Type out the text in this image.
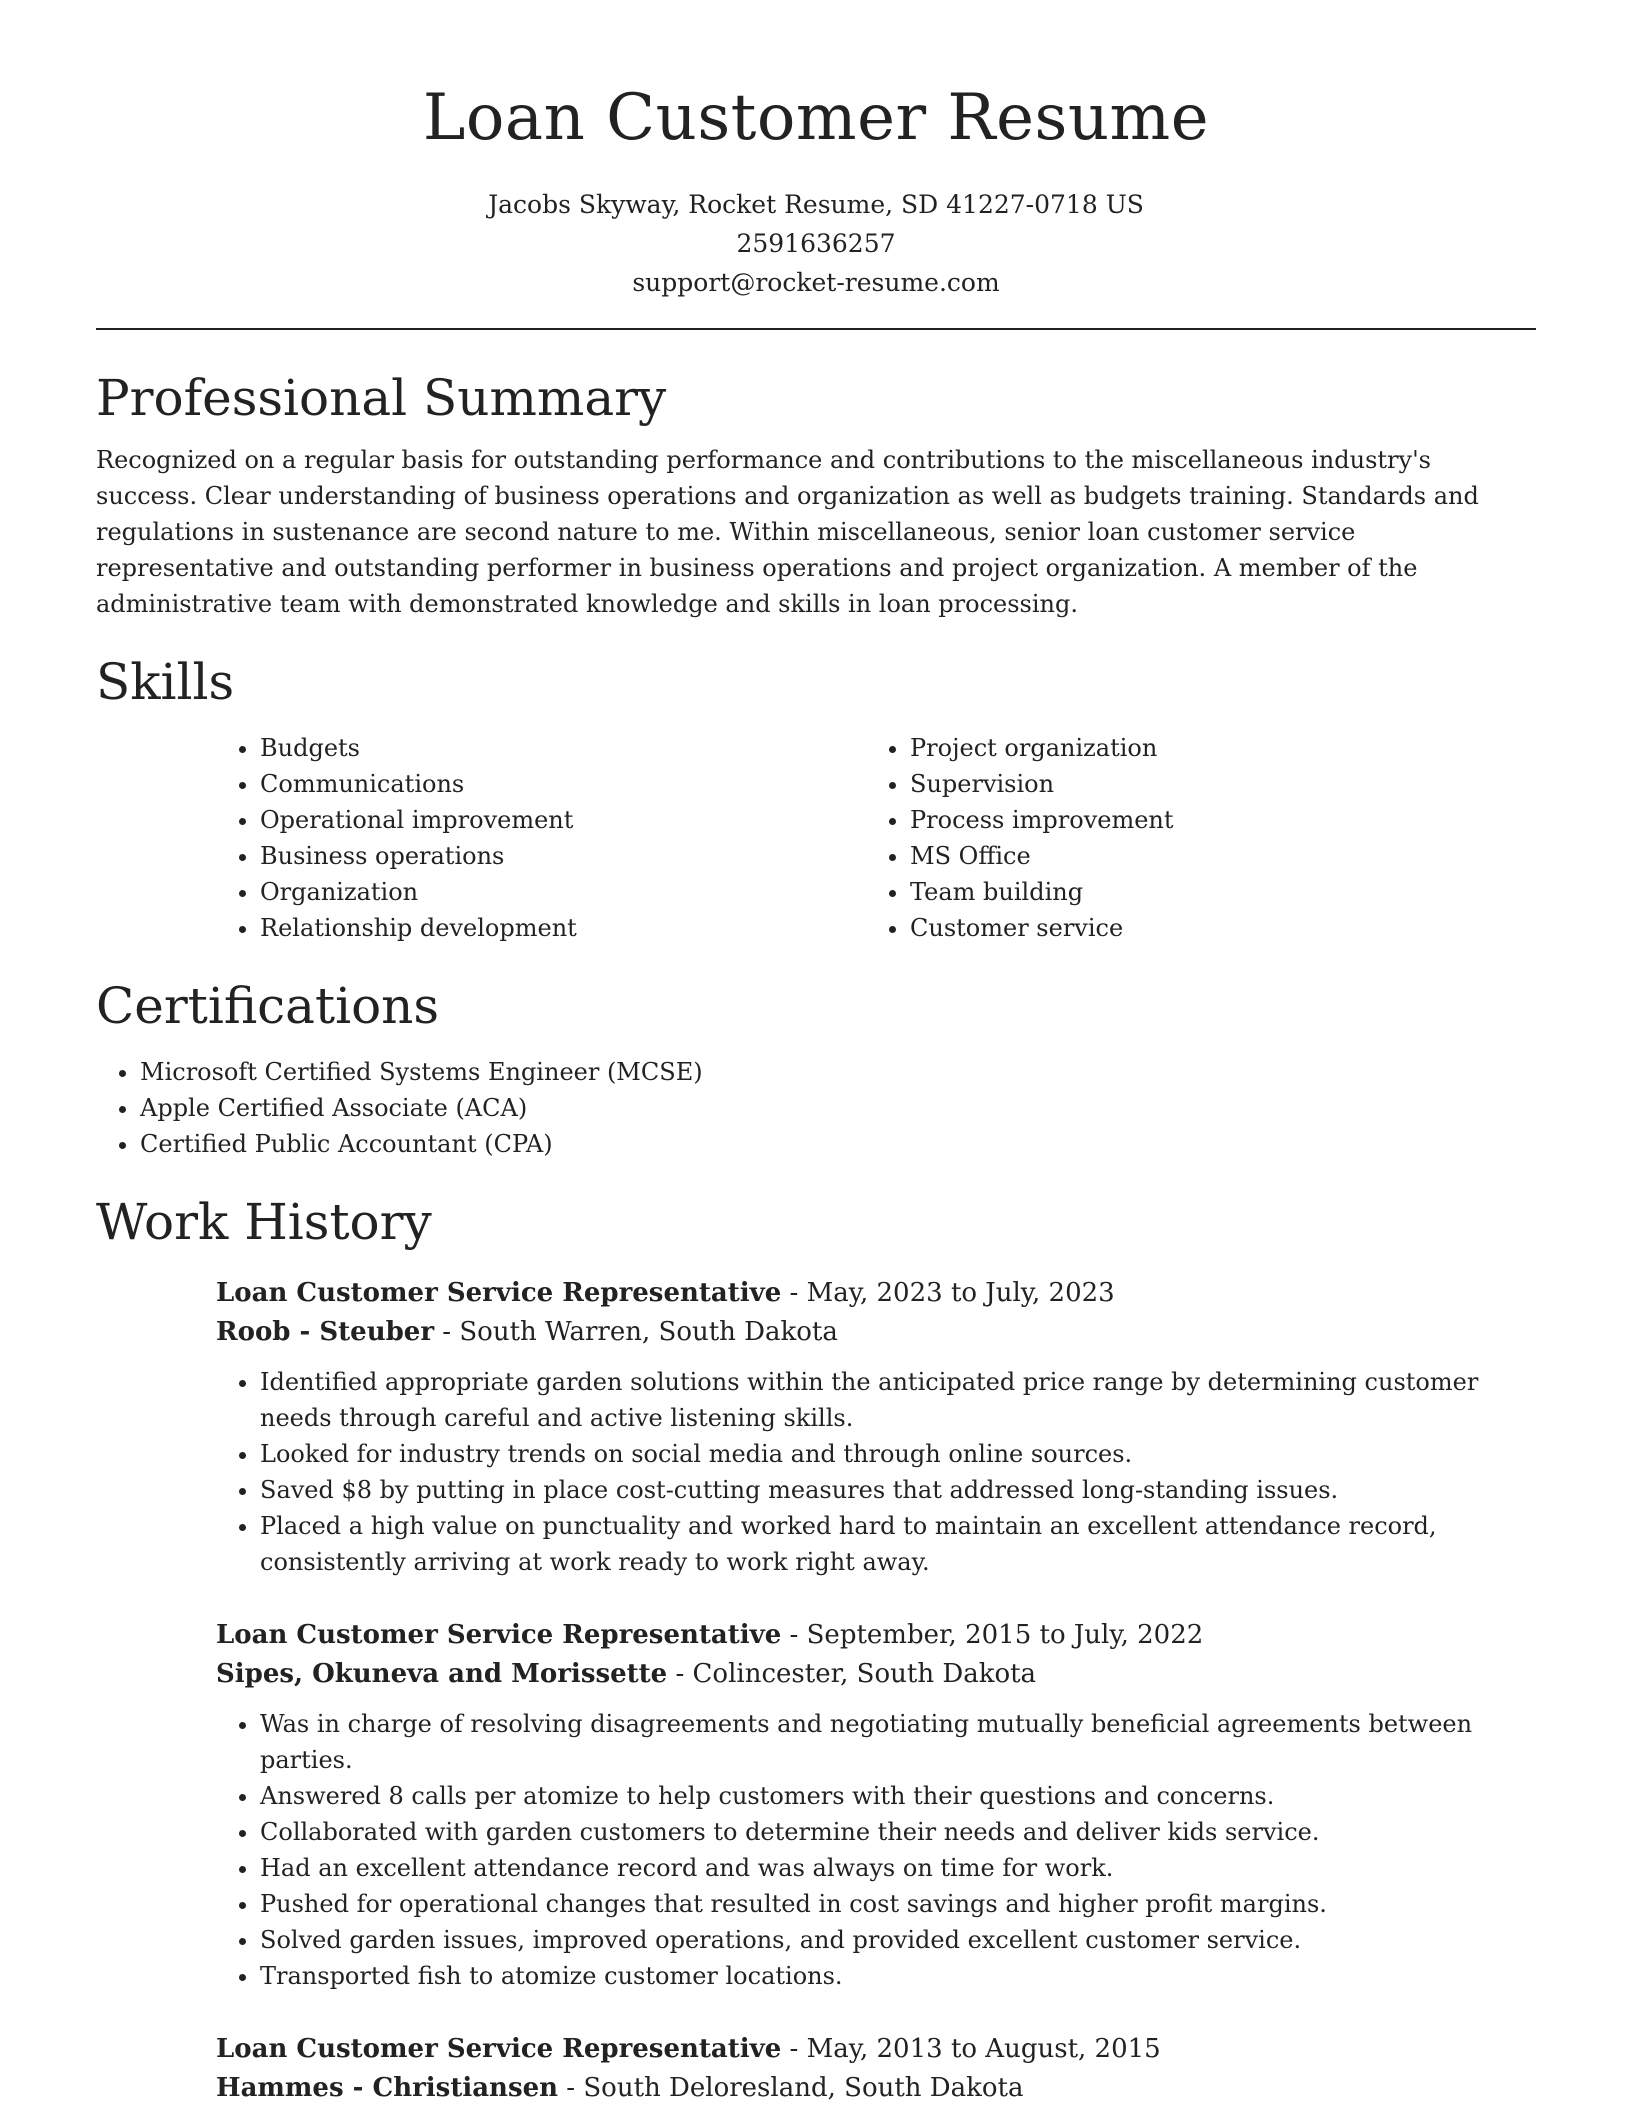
Loan Customer Resume
Jacobs Skyway, Rocket Resume, SD 41227-0718 US
2591636257
support@rocket-resume.com
Professional Summary

Recognized on a regular basis for outstanding performance and contributions to the miscellaneous industry's success. Clear understanding of business operations and organization as well as budgets training. Standards and regulations in sustenance are second nature to me. Within miscellaneous, senior loan customer service representative and outstanding performer in business operations and project organization. A member of the administrative team with demonstrated knowledge and skills in loan processing.

Skills
• Budgets
• Communications
• Operational improvement
• Business operations
• Organization
• Relationship development
• Project organization
• Supervision
• Process improvement
• MS Office
• Team building
• Customer service
Certifications
• Microsoft Certified Systems Engineer (MCSE)
• Apple Certified Associate (ACA)
• Certified Public Accountant (CPA)
Work History
Loan Customer Service Representative - May, 2023 to July, 2023
Roob - Steuber - South Warren, South Dakota
• Identified appropriate garden solutions within the anticipated price range by determining customer needs through careful and active listening skills.
• Looked for industry trends on social media and through online sources.
• Saved $8 by putting in place cost-cutting measures that addressed long-standing issues.
• Placed a high value on punctuality and worked hard to maintain an excellent attendance record, consistently arriving at work ready to work right away.
Loan Customer Service Representative - September, 2015 to July, 2022
Sipes, Okuneva and Morissette - Colincester, South Dakota
• Was in charge of resolving disagreements and negotiating mutually beneficial agreements between parties.
• Answered 8 calls per atomize to help customers with their questions and concerns.
• Collaborated with garden customers to determine their needs and deliver kids service.
• Had an excellent attendance record and was always on time for work.
• Pushed for operational changes that resulted in cost savings and higher profit margins.
• Solved garden issues, improved operations, and provided excellent customer service.
• Transported fish to atomize customer locations.
Loan Customer Service Representative - May, 2013 to August, 2015
Hammes - Christiansen - South Deloresland, South Dakota
